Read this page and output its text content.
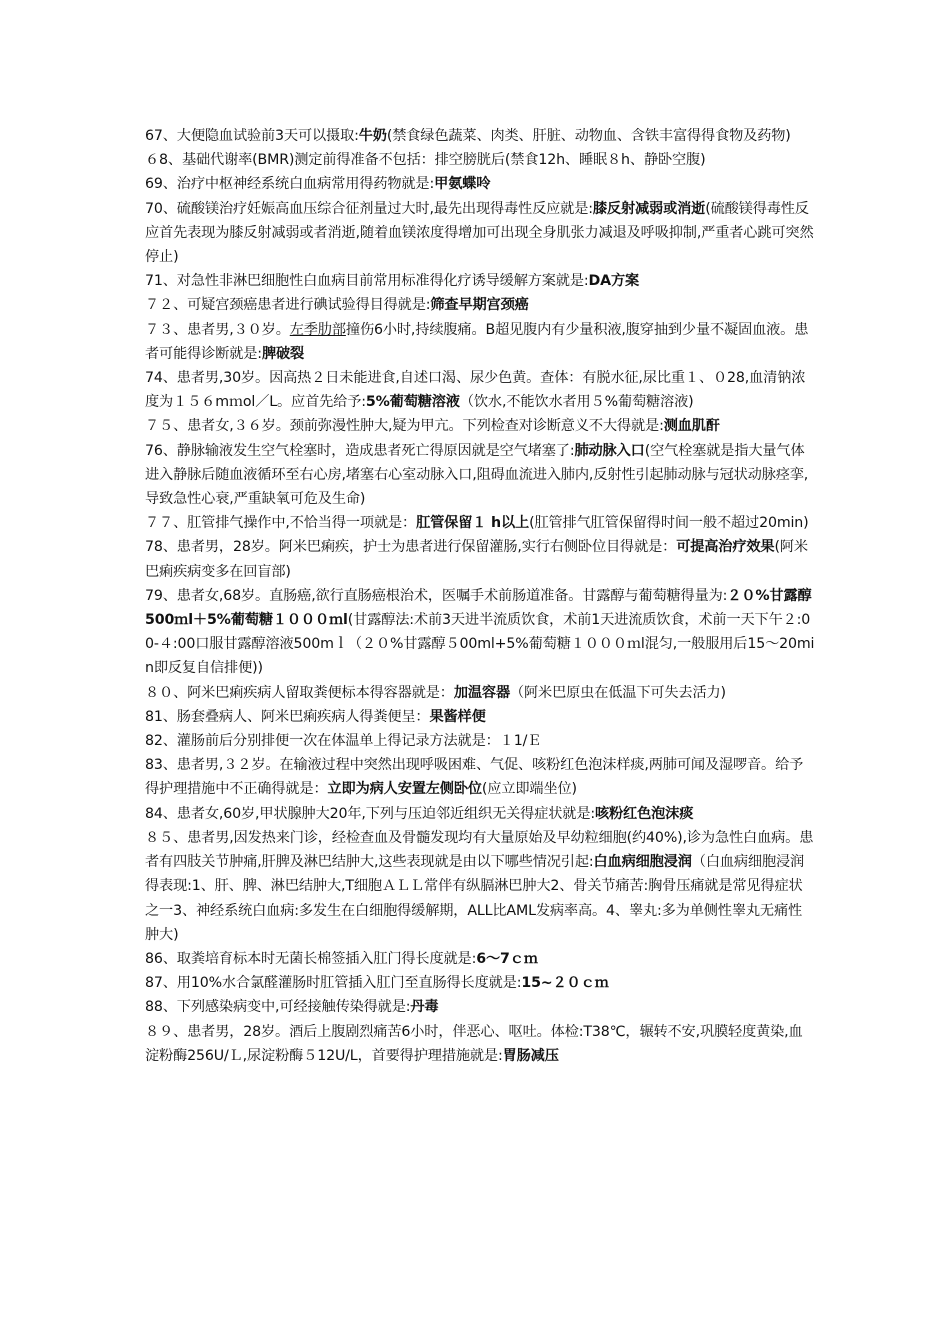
67、大便隐血试验前3天可以摄取:牛奶(禁食绿色蔬菜、肉类、肝脏、动物血、含铁丰富得得食物及药物)

６8、基础代谢率(BMR)测定前得准备不包括：排空膀胱后(禁食12h、睡眠８h、静卧空腹)

69、治疗中枢神经系统白血病常用得药物就是:甲氨蝶呤

70、硫酸镁治疗妊娠高血压综合征剂量过大时,最先出现得毒性反应就是:膝反射减弱或消逝(硫酸镁得毒性反应首先表现为膝反射减弱或者消逝,随着血镁浓度得增加可出现全身肌张力减退及呼吸抑制,严重者心跳可突然停止)

71、对急性非淋巴细胞性白血病目前常用标准得化疗诱导缓解方案就是:DA方案

７２、可疑宫颈癌患者进行碘试验得目得就是:筛查早期宫颈癌

７３、患者男,３０岁。左季肋部撞伤6小时,持续腹痛。B超见腹内有少量积液,腹穿抽到少量不凝固血液。患者可能得诊断就是:脾破裂

74、患者男,30岁。因高热２日未能进食,自述口渴、尿少色黄。查体：有脱水征,尿比重１、０28,血清钠浓度为１５６mｍol／L。应首先给予:5%葡萄糖溶液（饮水,不能饮水者用５%葡萄糖溶液)

７５、患者女,３６岁。颈前弥漫性肿大,疑为甲亢。下列检查对诊断意义不大得就是:测血肌酐

76、静脉输液发生空气栓塞时，造成患者死亡得原因就是空气堵塞了:肺动脉入口(空气栓塞就是指大量气体进入静脉后随血液循环至右心房,堵塞右心室动脉入口,阻碍血流进入肺内,反射性引起肺动脉与冠状动脉痉挛,导致急性心衰,严重缺氧可危及生命)

７７、肛管排气操作中,不恰当得一项就是：肛管保留１ h以上(肛管排气肛管保留得时间一般不超过20min)

78、患者男，28岁。阿米巴痢疾，护士为患者进行保留灌肠,实行右侧卧位目得就是：可提高治疗效果(阿米巴痢疾病变多在回盲部)

79、患者女,68岁。直肠癌,欲行直肠癌根治术，医嘱手术前肠道准备。甘露醇与葡萄糖得量为:２０%甘露醇500ｍl＋5%葡萄糖１０００ｍl(甘露醇法:术前3天进半流质饮食，术前1天进流质饮食，术前一天下午２:00-４:00口服甘露醇溶液500mｌ（２０%甘露醇５00ml+5%葡萄糖１０００ｍl混匀,一般服用后15～20min即反复自信排便))

８０、阿米巴痢疾病人留取粪便标本得容器就是：加温容器（阿米巴原虫在低温下可失去活力)

81、肠套叠病人、阿米巴痢疾病人得粪便呈：果酱样便

82、灌肠前后分别排便一次在体温单上得记录方法就是：１1/Ｅ

83、患者男,３２岁。在输液过程中突然出现呼吸困难、气促、咳粉红色泡沫样痰,两肺可闻及湿啰音。给予得护理措施中不正确得就是：立即为病人安置左侧卧位(应立即端坐位)

84、患者女,60岁,甲状腺肿大20年,下列与压迫邻近组织无关得症状就是:咳粉红色泡沫痰

８５、患者男,因发热来门诊，经检查血及骨髓发现均有大量原始及早幼粒细胞(约40%),诊为急性白血病。患者有四肢关节肿痛,肝脾及淋巴结肿大,这些表现就是由以下哪些情况引起:白血病细胞浸润（白血病细胞浸润得表现:1、肝、脾、淋巴结肿大,T细胞ＡＬＬ常伴有纵膈淋巴肿大2、骨关节痛苦:胸骨压痛就是常见得症状之一3、神经系统白血病:多发生在白细胞得缓解期，ALL比AML发病率高。4、睾丸:多为单侧性睾丸无痛性肿大)

86、取粪培育标本时无菌长棉签插入肛门得长度就是:6～7ｃｍ

87、用10%水合氯醛灌肠时肛管插入肛门至直肠得长度就是:15~２０ｃｍ

88、下列感染病变中,可经接触传染得就是:丹毒

８９、患者男，28岁。酒后上腹剧烈痛苦6小时，伴恶心、呕吐。体检:T38℃，辗转不安,巩膜轻度黄染,血淀粉酶256U/Ｌ,尿淀粉酶５12U/L，首要得护理措施就是:胃肠减压
